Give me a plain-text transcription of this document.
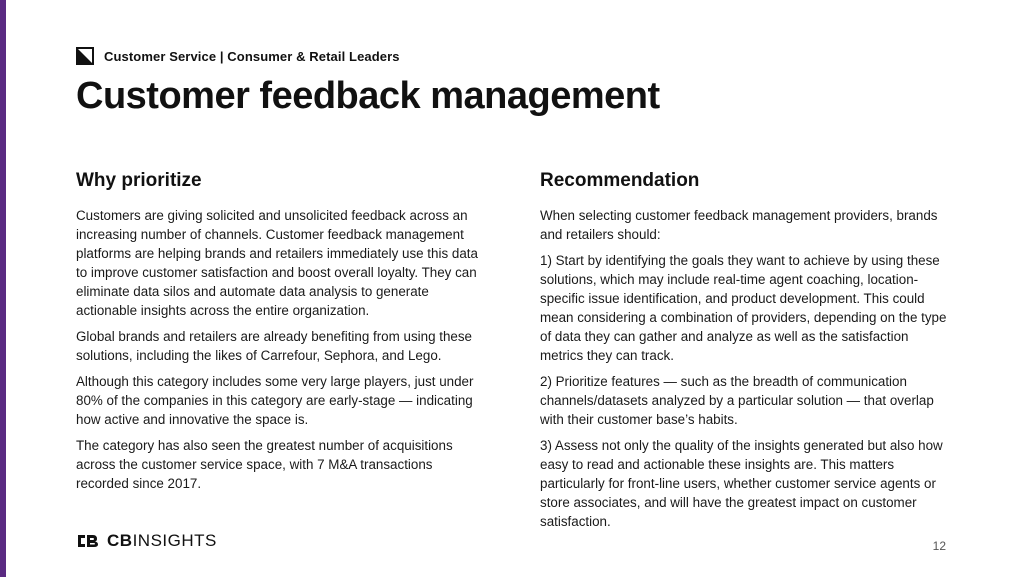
Customer Service | Consumer & Retail Leaders
Customer feedback management
Why prioritize

Customers are giving solicited and unsolicited feedback across an increasing number of channels. Customer feedback management platforms are helping brands and retailers immediately use this data to improve customer satisfaction and boost overall loyalty. They can eliminate data silos and automate data analysis to generate actionable insights across the entire organization.

Global brands and retailers are already benefiting from using these solutions, including the likes of Carrefour, Sephora, and Lego.

Although this category includes some very large players, just under 80% of the companies in this category are early-stage — indicating how active and innovative the space is.

The category has also seen the greatest number of acquisitions across the customer service space, with 7 M&A transactions recorded since 2017.

Recommendation

When selecting customer feedback management providers, brands and retailers should:

1) Start by identifying the goals they want to achieve by using these solutions, which may include real-time agent coaching, location-specific issue identification, and product development. This could mean considering a combination of providers, depending on the type of data they can gather and analyze as well as the satisfaction metrics they can track.

2) Prioritize features — such as the breadth of communication channels/datasets analyzed by a particular solution — that overlap with their customer base’s habits.

3) Assess not only the quality of the insights generated but also how easy to read and actionable these insights are. This matters particularly for front-line users, whether customer service agents or store associates, and will have the greatest impact on customer satisfaction.

CBINSIGHTS	12
